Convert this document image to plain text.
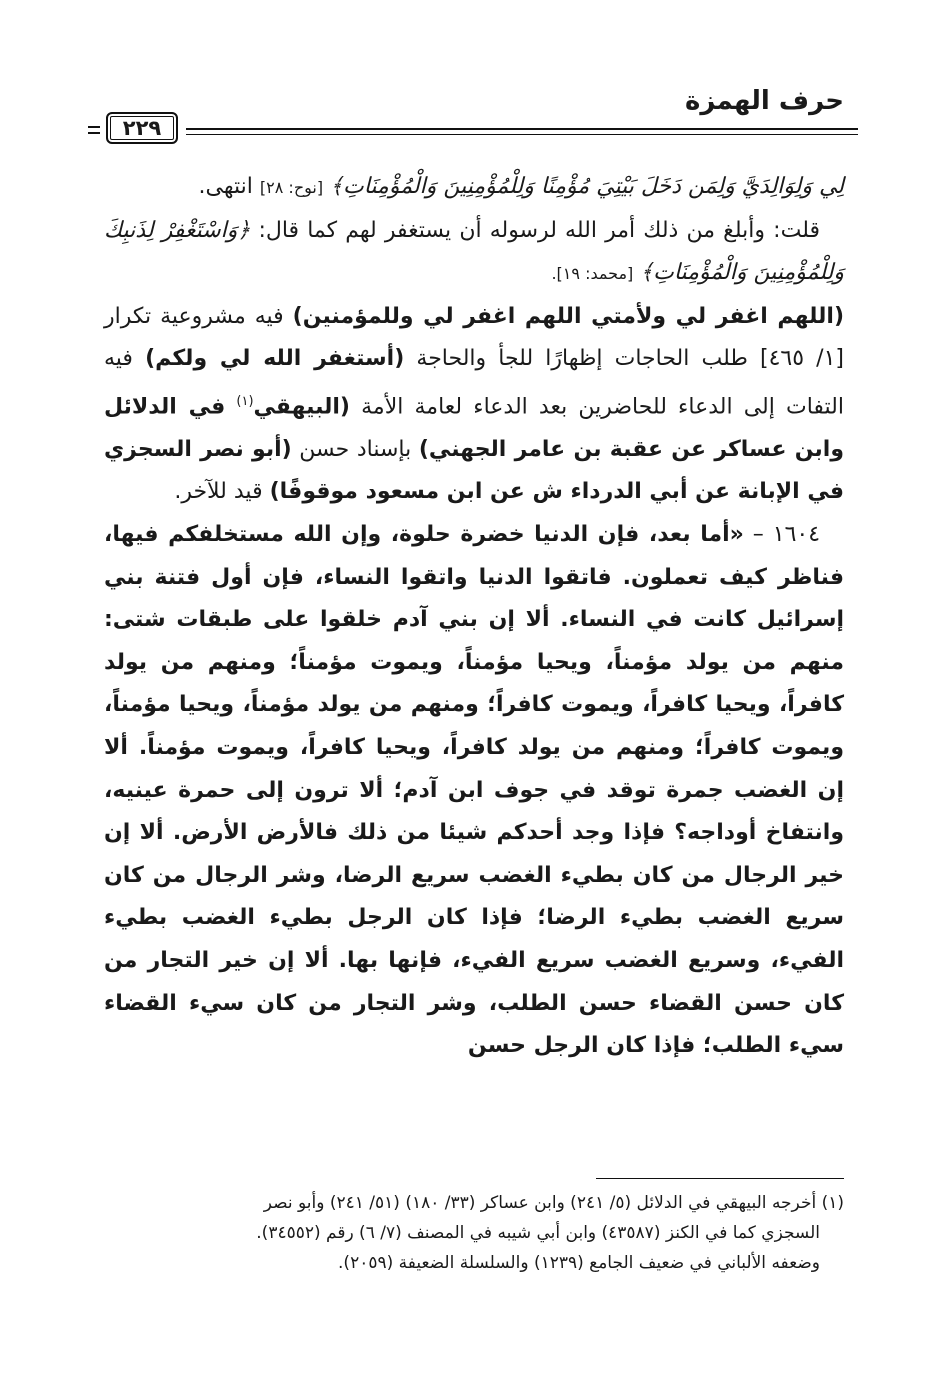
حرف الهمزة
٢٢٩

لِي وَلِوَالِدَيَّ وَلِمَن دَخَلَ بَيْتِيَ مُؤْمِنًا وَلِلْمُؤْمِنِينَ وَالْمُؤْمِنَاتِ﴾ [نوح: ٢٨] انتهى.

قلت: وأبلغ من ذلك أمر الله لرسوله أن يستغفر لهم كما قال: ﴿وَاسْتَغْفِرْ لِذَنبِكَ وَلِلْمُؤْمِنِينَ وَالْمُؤْمِنَاتِ﴾ [محمد: ١٩].

(اللهم اغفر لي ولأمتي اللهم اغفر لي وللمؤمنين) فيه مشروعية تكرار [١/ ٤٦٥] طلب الحاجات إظهارًا للجأ والحاجة (أستغفر الله لي ولكم) فيه التفات إلى الدعاء للحاضرين بعد الدعاء لعامة الأمة (البيهقي$^{(١)}$ في الدلائل وابن عساكر عن عقبة بن عامر الجهني) بإسناد حسن (أبو نصر السجزي في الإبانة عن أبي الدرداء ش عن ابن مسعود موقوفًا) قيد للآخر.

١٦٠٤ – «أما بعد، فإن الدنيا خضرة حلوة، وإن الله مستخلفكم فيها، فناظر كيف تعملون. فاتقوا الدنيا واتقوا النساء، فإن أول فتنة بني إسرائيل كانت في النساء. ألا إن بني آدم خلقوا على طبقات شتى: منهم من يولد مؤمناً، ويحيا مؤمناً، ويموت مؤمناً؛ ومنهم من يولد كافراً، ويحيا كافراً، ويموت كافراً؛ ومنهم من يولد مؤمناً، ويحيا مؤمناً، ويموت كافراً؛ ومنهم من يولد كافراً، ويحيا كافراً، ويموت مؤمناً. ألا إن الغضب جمرة توقد في جوف ابن آدم؛ ألا ترون إلى حمرة عينيه، وانتفاخ أوداجه؟ فإذا وجد أحدكم شيئا من ذلك فالأرض الأرض. ألا إن خير الرجال من كان بطيء الغضب سريع الرضا، وشر الرجال من كان سريع الغضب بطيء الرضا؛ فإذا كان الرجل بطيء الغضب بطيء الفيء، وسريع الغضب سريع الفيء، فإنها بها. ألا إن خير التجار من كان حسن القضاء حسن الطلب، وشر التجار من كان سيء القضاء سيء الطلب؛ فإذا كان الرجل حسن

(١) أخرجه البيهقي في الدلائل (٥/ ٢٤١) وابن عساكر (٣٣/ ١٨٠) (٥١/ ٢٤١) وأبو نصر

السجزي كما في الكنز (٤٣٥٨٧) وابن أبي شيبه في المصنف (٧/ ٦) رقم (٣٤٥٥٢).

وضعفه الألباني في ضعيف الجامع (١٢٣٩) والسلسلة الضعيفة (٢٠٥٩).
